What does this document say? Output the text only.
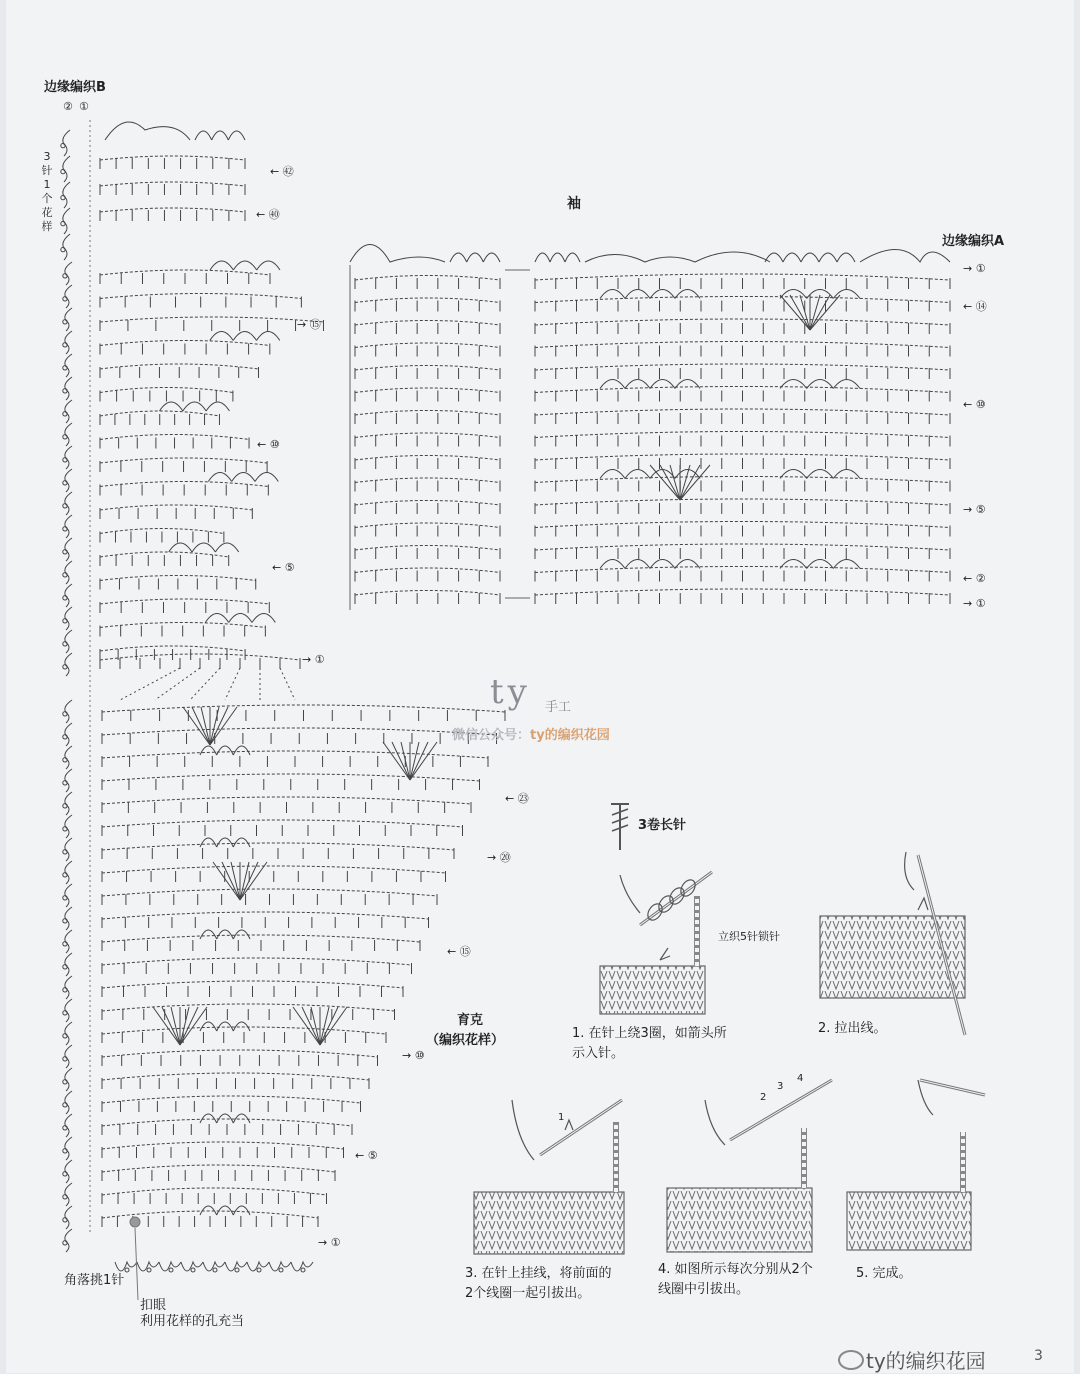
边缘编织B
② ①
3
针
1
个
花
样
← ㊷
← ㊵
→ ⑮
← ⑩
← ⑤
→ ①
袖
边缘编织A
→ ①
← ⑭
← ⑩
→ ⑤
← ②
→ ①
ty 手工
微信公众号：ty的编织花园
← ㉓
→ ⑳
← ⑮
→ ⑩
← ⑤
→ ①
育克
（编织花样）
角落挑1针
扣眼
利用花样的孔充当
3卷长针
立织5针锁针
1
2
3
4
1. 在针上绕3圈，如箭头所
示入针。
2. 拉出线。
3. 在针上挂线，将前面的
2个线圈一起引拔出。
4. 如图所示每次分别从2个
线圈中引拔出。
5. 完成。
ty的编织花园	3
